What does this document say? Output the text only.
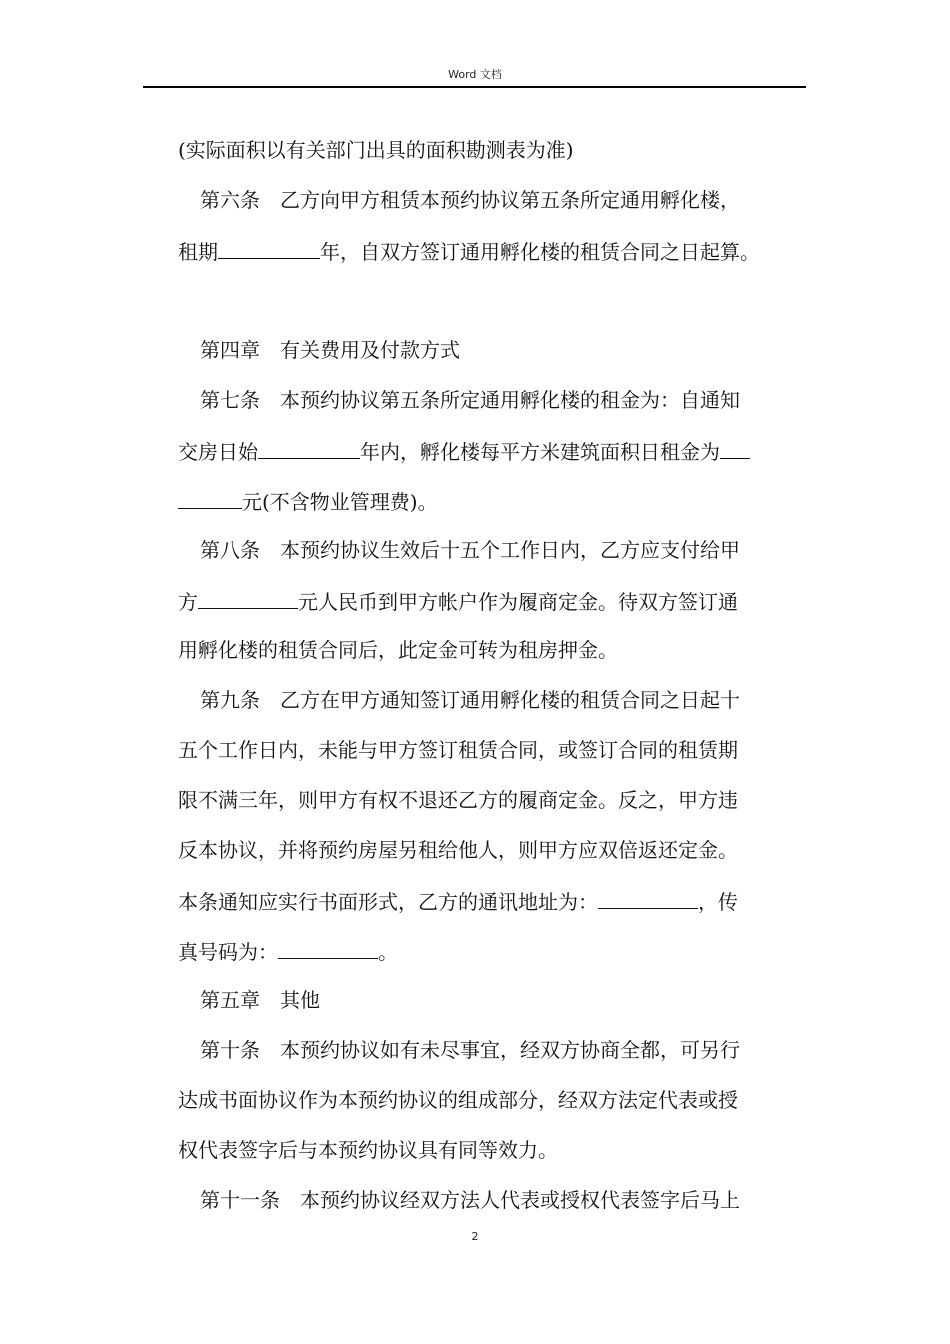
Word 文档
(实际面积以有关部门出具的面积勘测表为准)
第六条　乙方向甲方租赁本预约协议第五条所定通用孵化楼，
租期	年，自双方签订通用孵化楼的租赁合同之日起算。
第四章　有关费用及付款方式
第七条　本预约协议第五条所定通用孵化楼的租金为：自通知
交房日始	年内，孵化楼每平方米建筑面积日租金为
元(不含物业管理费)。
第八条　本预约协议生效后十五个工作日内，乙方应支付给甲
方	元人民币到甲方帐户作为履商定金。待双方签订通
用孵化楼的租赁合同后，此定金可转为租房押金。
第九条　乙方在甲方通知签订通用孵化楼的租赁合同之日起十
五个工作日内，未能与甲方签订租赁合同，或签订合同的租赁期
限不满三年，则甲方有权不退还乙方的履商定金。反之，甲方违
反本协议，并将预约房屋另租给他人，则甲方应双倍返还定金。
本条通知应实行书面形式，乙方的通讯地址为：	，传
真号码为：	。
第五章　其他
第十条　本预约协议如有未尽事宜，经双方协商全都，可另行
达成书面协议作为本预约协议的组成部分，经双方法定代表或授
权代表签字后与本预约协议具有同等效力。
第十一条　本预约协议经双方法人代表或授权代表签字后马上
2
